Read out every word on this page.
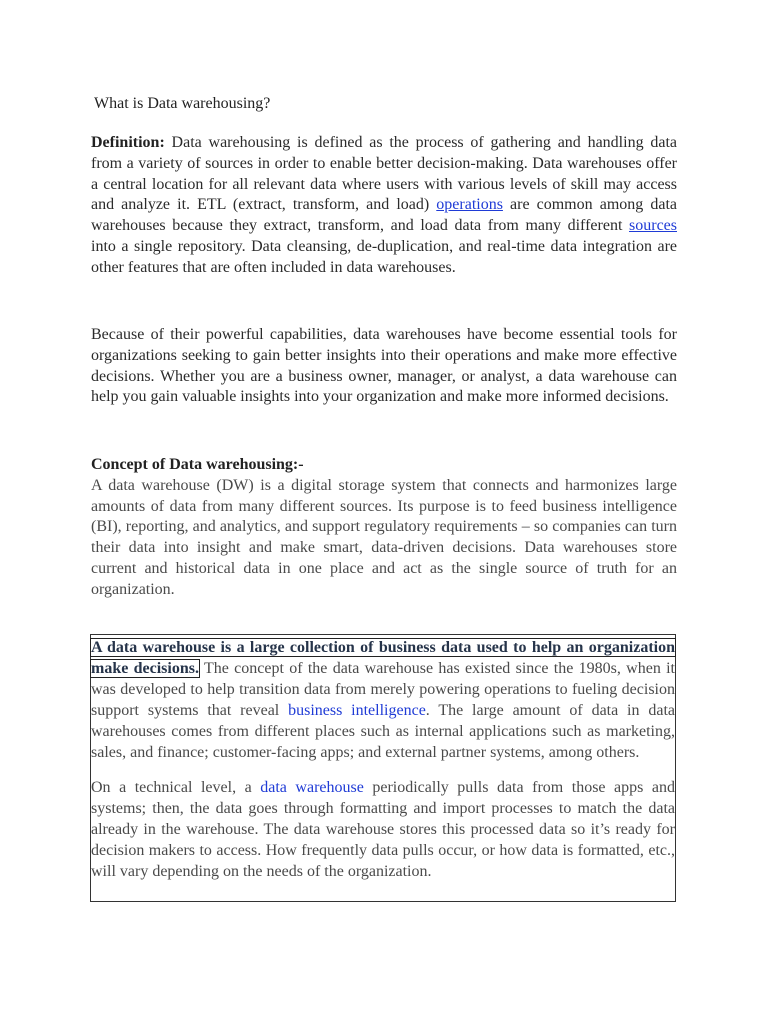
What is Data warehousing?

Definition: Data warehousing is defined as the process of gathering and handling data from a variety of sources in order to enable better decision-making. Data warehouses offer a central location for all relevant data where users with various levels of skill may access and analyze it. ETL (extract, transform, and load) operations are common among data warehouses because they extract, transform, and load data from many different sources into a single repository. Data cleansing, de-duplication, and real-time data integration are other features that are often included in data warehouses.

Because of their powerful capabilities, data warehouses have become essential tools for organizations seeking to gain better insights into their operations and make more effective decisions. Whether you are a business owner, manager, or analyst, a data warehouse can help you gain valuable insights into your organization and make more informed decisions.

Concept of Data warehousing:-

A data warehouse (DW) is a digital storage system that connects and harmonizes large amounts of data from many different sources. Its purpose is to feed business intelligence (BI), reporting, and analytics, and support regulatory requirements – so companies can turn their data into insight and make smart, data-driven decisions. Data warehouses store current and historical data in one place and act as the single source of truth for an organization.

A data warehouse is a large collection of business data used to help an organization make decisions. The concept of the data warehouse has existed since the 1980s, when it was developed to help transition data from merely powering operations to fueling decision support systems that reveal business intelligence. The large amount of data in data warehouses comes from different places such as internal applications such as marketing, sales, and finance; customer-facing apps; and external partner systems, among others.

On a technical level, a data warehouse periodically pulls data from those apps and systems; then, the data goes through formatting and import processes to match the data already in the warehouse. The data warehouse stores this processed data so it’s ready for decision makers to access. How frequently data pulls occur, or how data is formatted, etc., will vary depending on the needs of the organization.
